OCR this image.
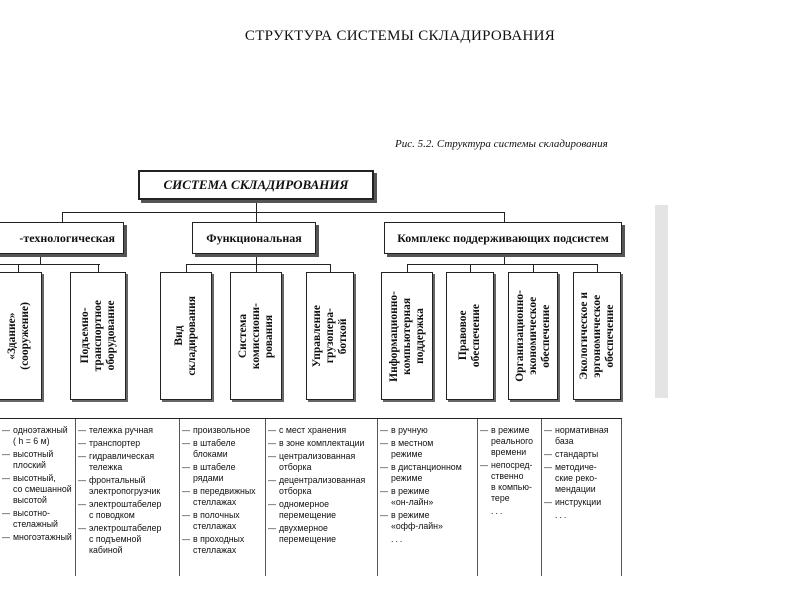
СТРУКТУРА СИСТЕМЫ СКЛАДИРОВАНИЯ
Рис. 5.2. Структура системы складирования
СИСТЕМА СКЛАДИРОВАНИЯ
-технологическая	Функциональная	Комплекс поддерживающих подсистем
«Здание»
(сооружение)	Подъемно-
транспортное
оборудование	Вид
складирования	Система
комиссиони-
рования	Управление
грузопера-
боткой	Информационно-
компьютерная
поддержка	Правовое
обеспечение	Организационно-
экономическое
обеспечение Экологическое и
эргономическое
обеспечение
— одноэтажный
( h = 6 м)
— высотный
плоский
— высотный,
со смешанной
высотой
— высотно-
стелажный
— многоэтажный
— тележка ручная
— транспортер
— гидравлическая
тележка
— фронтальный
электропогрузчик
— электроштабелер
с поводком
— электроштабелер
с подъемной
кабиной
— произвольное
— в штабеле
блоками
— в штабеле
рядами
— в передвижных
стеллажах
— в полочных
стеллажах
— в проходных
стеллажах
— с мест хранения
— в зоне комплектации
— централизованная
отборка
— децентрализованная
отборка
— одномерное
перемещение
— двухмерное
перемещение
— в ручную
— в местном
режиме
— в дистанционном
режиме
— в режиме
«он-лайн»
— в режиме
«офф-лайн»
...
— в режиме
реального
времени
— непосред-
ственно
в компью-
тере
...
— нормативная
база
— стандарты
— методиче-
ские реко-
мендации
— инструкции
...
